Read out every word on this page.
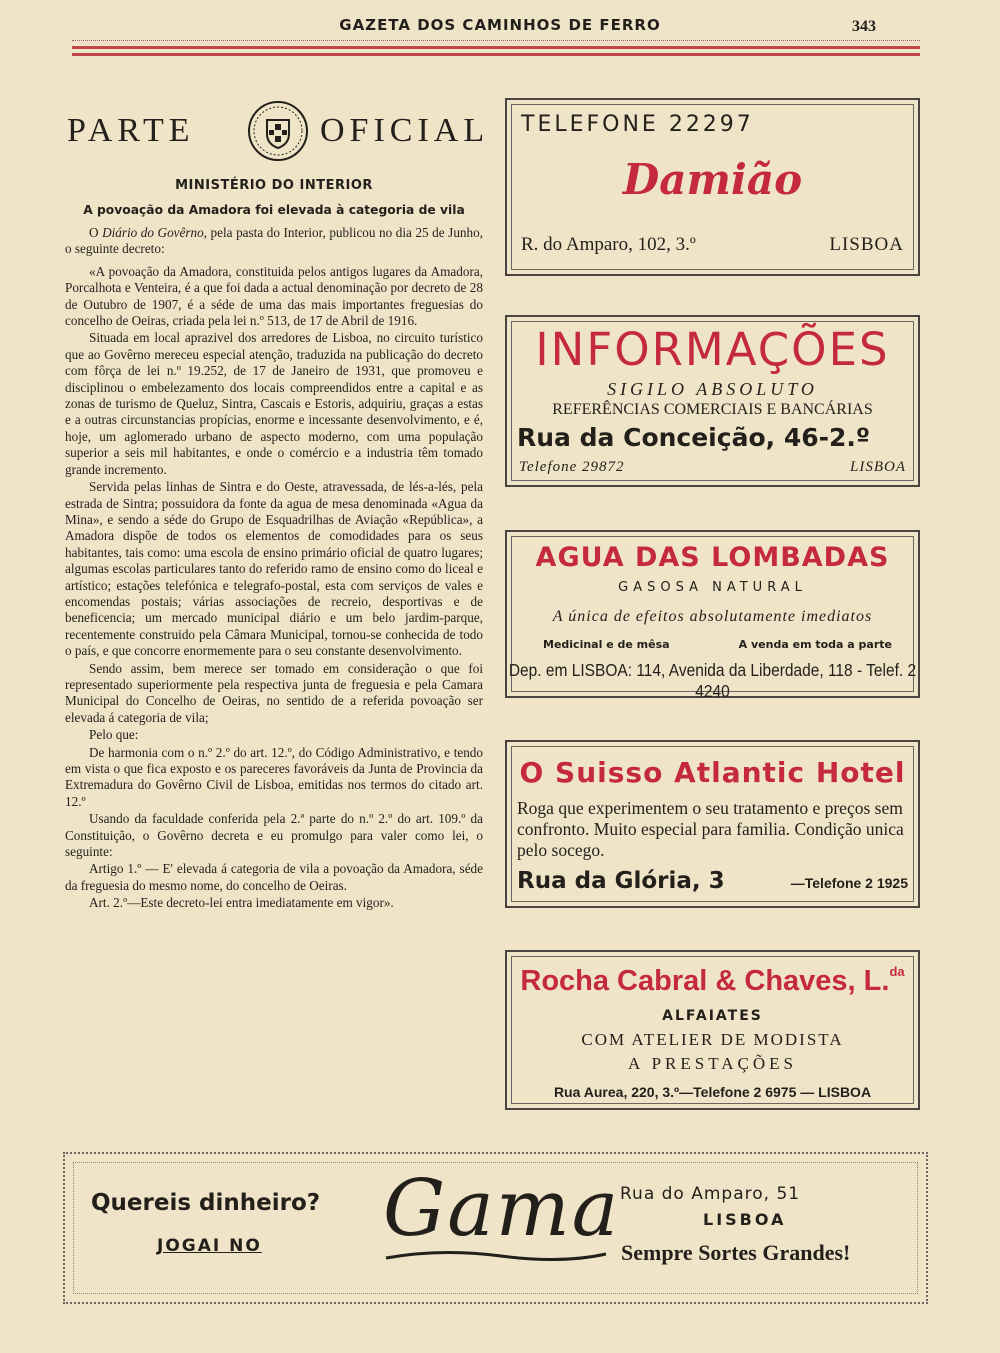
GAZETA DOS CAMINHOS DE FERRO	343
PARTE	OFICIAL
MINISTÉRIO DO INTERIOR
A povoação da Amadora foi elevada à categoria de vila

O Diário do Govêrno, pela pasta do Interior, publicou no dia 25 de Junho, o seguinte decreto:

«A povoação da Amadora, constituida pelos antigos lugares da Amadora, Porcalhota e Venteira, é a que foi dada a actual denominação por decreto de 28 de Outubro de 1907, é a séde de uma das mais importantes freguesias do concelho de Oeiras, criada pela lei n.º 513, de 17 de Abril de 1916.

Situada em local aprazivel dos arredores de Lisboa, no circuito turístico que ao Govêrno mereceu especial atenção, traduzida na publicação do decreto com fôrça de lei n.º 19.252, de 17 de Janeiro de 1931, que promoveu e disciplinou o embelezamento dos locais compreendidos entre a capital e as zonas de turismo de Queluz, Sintra, Cascais e Estoris, adquiriu, graças a estas e a outras circunstancias propícias, enorme e incessante desenvolvimento, e é, hoje, um aglomerado urbano de aspecto moderno, com uma população superior a seis mil habitantes, e onde o comércio e a industria têm tomado grande incremento.

Servida pelas linhas de Sintra e do Oeste, atravessada, de lés-a-lés, pela estrada de Sintra; possuidora da fonte da agua de mesa denominada «Agua da Mina», e sendo a séde do Grupo de Esquadrilhas de Aviação «República», a Amadora dispõe de todos os elementos de comodidades para os seus habitantes, tais como: uma escola de ensino primário oficial de quatro lugares; algumas escolas particulares tanto do referido ramo de ensino como do liceal e artístico; estações telefónica e telegrafo-postal, esta com serviços de vales e encomendas postais; várias associações de recreio, desportivas e de beneficencia; um mercado municipal diário e um belo jardim-parque, recentemente construido pela Câmara Municipal, tornou-se conhecida de todo o país, e que concorre enormemente para o seu constante desenvolvimento.

Sendo assim, bem merece ser tomado em consideração o que foi representado superiormente pela respectiva junta de freguesia e pela Camara Municipal do Concelho de Oeiras, no sentido de a referida povoação ser elevada á categoria de vila;

Pelo que:

De harmonia com o n.º 2.º do art. 12.º, do Código Administrativo, e tendo em vista o que fica exposto e os pareceres favoráveis da Junta de Provincia da Extremadura do Govêrno Civil de Lisboa, emitidas nos termos do citado art. 12.º

Usando da faculdade conferida pela 2.ª parte do n.º 2.º do art. 109.º da Constituição, o Govêrno decreta e eu promulgo para valer como lei, o seguinte:

Artigo 1.º — E' elevada á categoria de vila a povoação da Amadora, séde da freguesia do mesmo nome, do concelho de Oeiras.

Art. 2.º—Este decreto-lei entra imediatamente em vigor».

TELEFONE 22297
Damião
R. do Amparo, 102, 3.º	LISBOA
INFORMAÇÕES
SIGILO ABSOLUTO
REFERÊNCIAS COMERCIAIS E BANCÁRIAS
Rua da Conceição, 46-2.º
Telefone 29872	LISBOA
AGUA DAS LOMBADAS
GASOSA NATURAL
A única de efeitos absolutamente imediatos
Medicinal e de mêsa	A venda em toda a parte
Dep. em LISBOA: 114, Avenida da Liberdade, 118 - Telef. 2 4240
O Suisso Atlantic Hotel
Roga que experimentem o seu tratamento e preços sem confronto. Muito especial para familia. Condição unica pelo socego.
Rua da Glória, 3	—Telefone 2 1925
Rocha Cabral & Chaves, L.$^{da}$
ALFAIATES
COM ATELIER DE MODISTA
A PRESTAÇÕES
Rua Aurea, 220, 3.º—Telefone 2 6975 — LISBOA
Quereis dinheiro?
JOGAI NO Gama Rua do Amparo, 51
LISBOA
Sempre Sortes Grandes!
